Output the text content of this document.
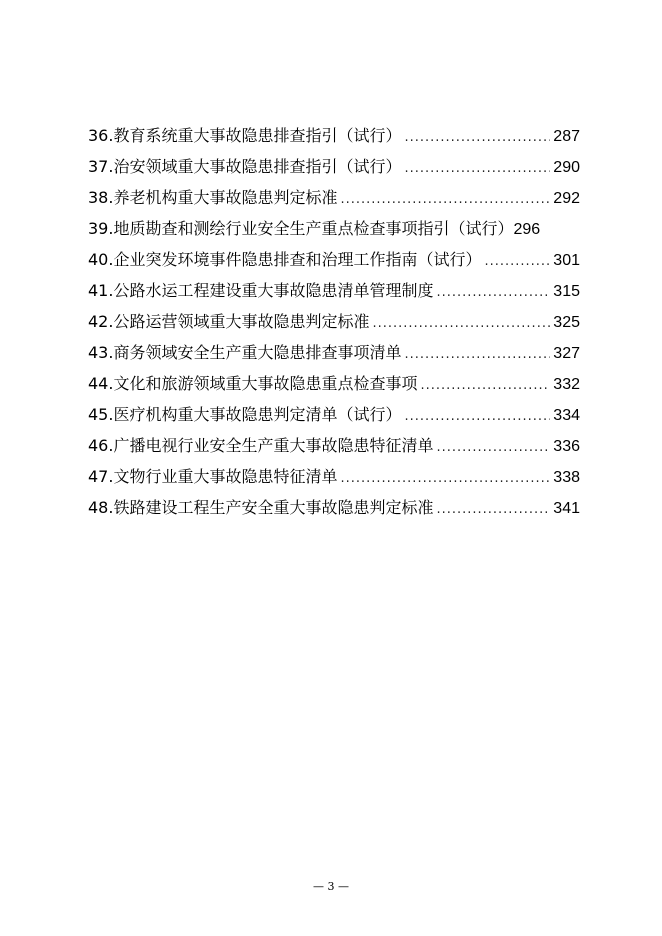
36.教育系统重大事故隐患排查指引（试行） .....	287
37.治安领域重大事故隐患排查指引（试行） .....	290
38.养老机构重大事故隐患判定标准 .....	292
39.地质勘查和测绘行业安全生产重点检查事项指引（试行） 296
40.企业突发环境事件隐患排查和治理工作指南（试行） .....	301
41.公路水运工程建设重大事故隐患清单管理制度 .....	315
42.公路运营领域重大事故隐患判定标准 .....	325
43.商务领域安全生产重大隐患排查事项清单 .....	327
44.文化和旅游领域重大事故隐患重点检查事项 .....	332
45.医疗机构重大事故隐患判定清单（试行） .....	334
46.广播电视行业安全生产重大事故隐患特征清单 .....	336
47.文物行业重大事故隐患特征清单 .....	338
48.铁路建设工程生产安全重大事故隐患判定标准 .....	341
— 3 —
